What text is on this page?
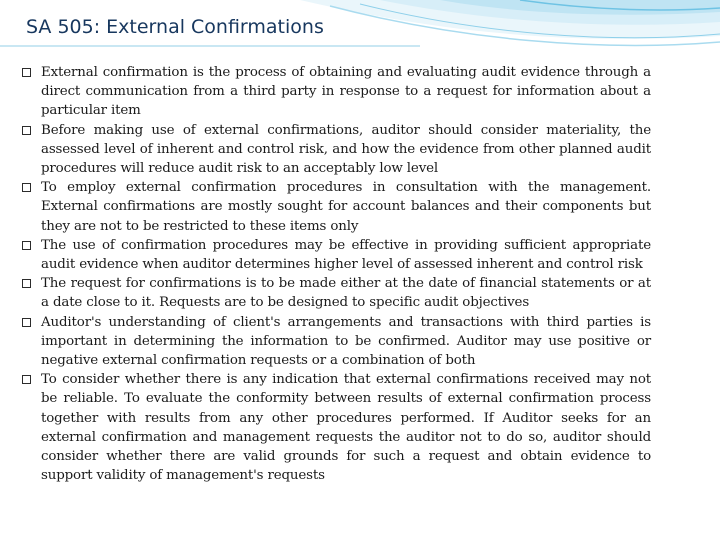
SA 505: External Confirmations
External confirmation is the process of obtaining and evaluating audit evidence through a direct communication from a third party in response to a request for information about a particular item
Before making use of external confirmations, auditor should consider materiality, the assessed level of inherent and control risk, and how the evidence from other planned audit procedures will reduce audit risk to an acceptably low level
To employ external confirmation procedures in consultation with the management. External confirmations are mostly sought for account balances and their components but they are not to be restricted to these items only
The use of confirmation procedures may be effective in providing sufficient appropriate audit evidence when auditor determines higher level of assessed inherent and control risk
The request for confirmations is to be made either at the date of financial statements or at a date close to it. Requests are to be designed to specific audit objectives
Auditor's understanding of client's arrangements and transactions with third parties is important in determining the information to be confirmed. Auditor may use positive or negative external confirmation requests or a combination of both
To consider whether there is any indication that external confirmations received may not be reliable. To evaluate the conformity between results of external confirmation process together with results from any other procedures performed. If Auditor seeks for an external confirmation and management requests the auditor not to do so, auditor should consider whether there are valid grounds for such a request and obtain evidence to support validity of management's requests
